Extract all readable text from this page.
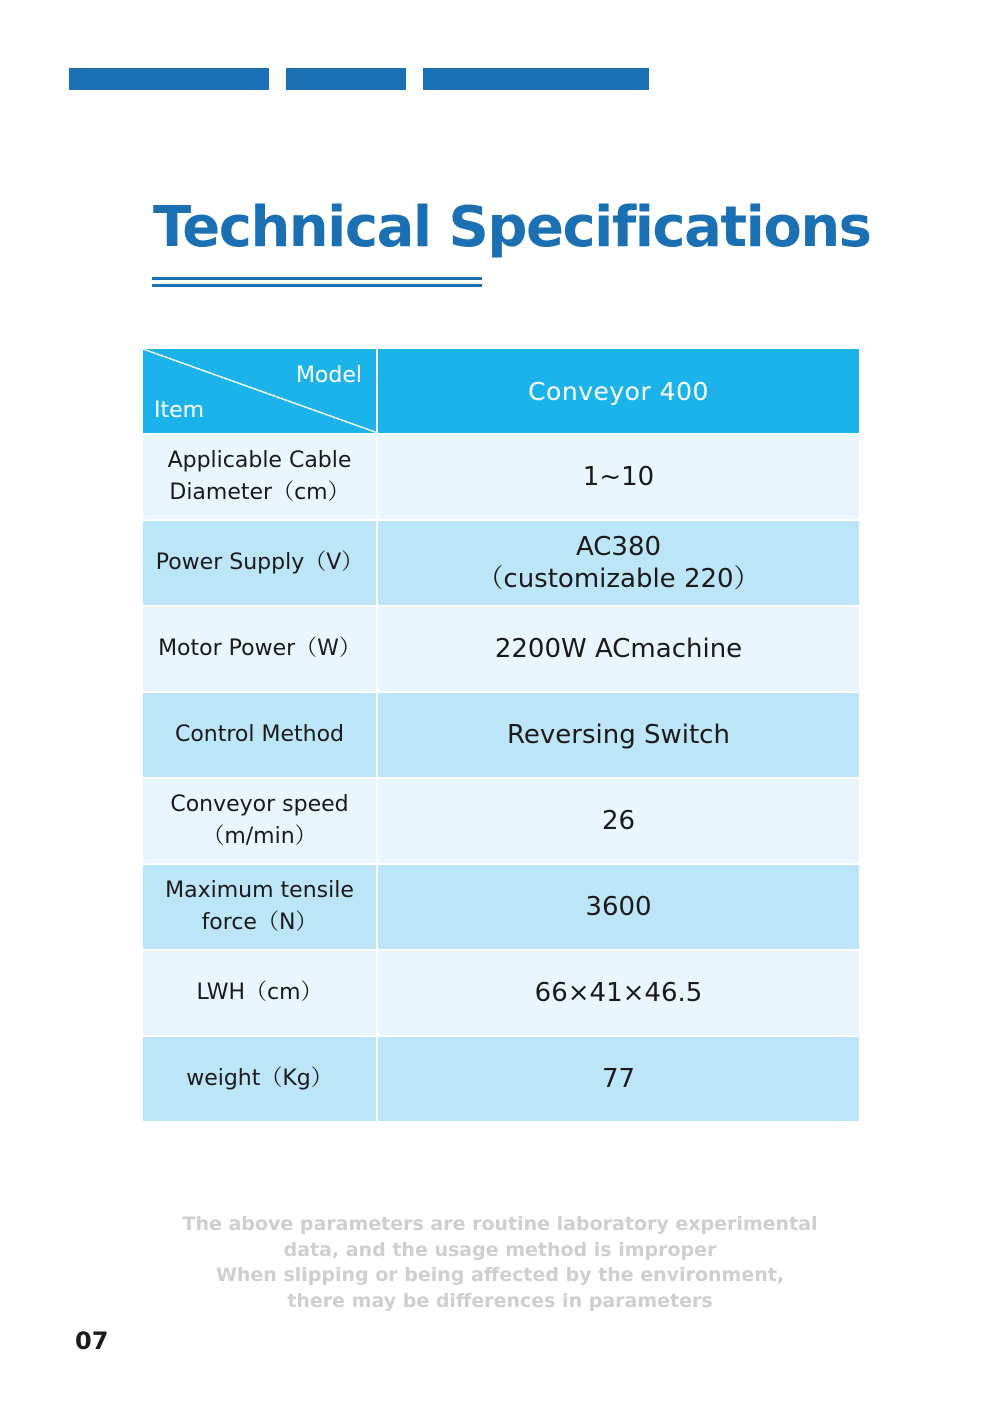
Technical Specifications
Model
Item	Conveyor 400

Applicable Cable
Diameter（cm）	1~10

Power Supply（V）	AC380
（customizable 220）

Motor Power（W）	2200W ACmachine

Control Method	Reversing Switch

Conveyor speed
（m/min）	26

Maximum tensile
force（N）	3600

LWH（cm）	66×41×46.5

weight（Kg）	77
The above parameters are routine laboratory experimental
data, and the usage method is improper
When slipping or being affected by the environment,
there may be differences in parameters
07
